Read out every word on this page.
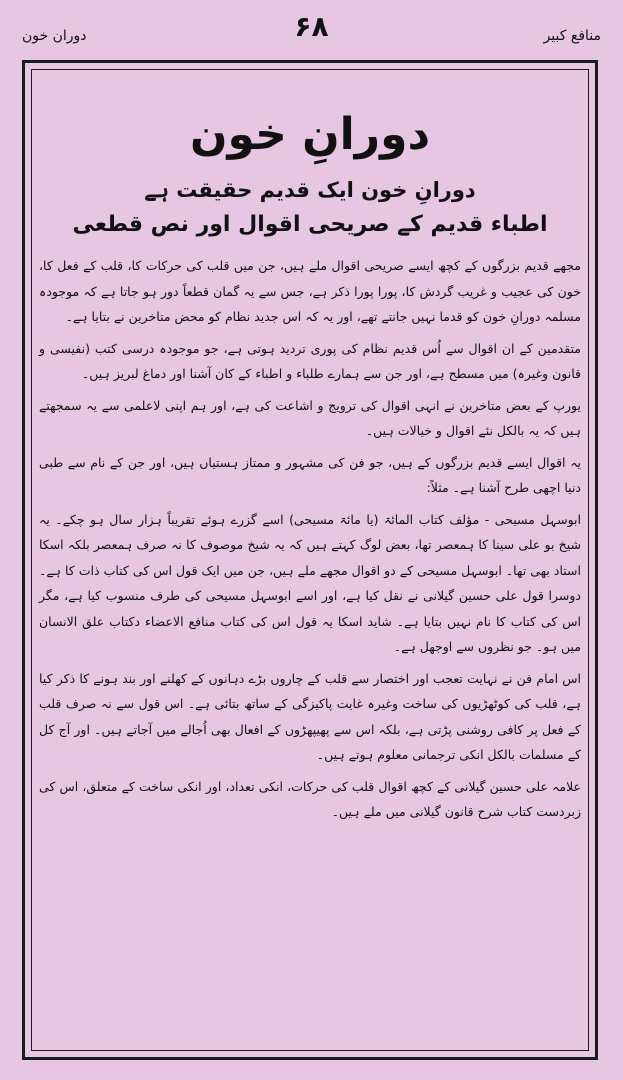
منافع کبیر
۶۸
دوران خون
دورانِ خون
دورانِ خون ایک قدیم حقیقت ہے
اطباء قدیم کے صریحی اقوال اور نص قطعی

مجھے قدیم بزرگوں کے کچھ ایسے صریحی اقوال ملے ہیں، جن میں قلب کی حرکات کا، قلب کے فعل کا، خون کی عجیب و غریب گردش کا، پورا پورا ذکر ہے، جس سے یہ گمان قطعاً دور ہو جاتا ہے کہ موجودہ مسلمہ دورانِ خون کو قدما نہیں جانتے تھے، اور یہ کہ اس جدید نظام کو محض متاخرین نے بتایا ہے۔

متقدمین کے ان اقوال سے اُس قدیم نظام کی پوری تردید ہوتی ہے، جو موجودہ درسی کتب (نفیسی و قانون وغیرہ) میں مسطح ہے، اور جن سے ہمارے طلباء و اطباء کے کان آشنا اور دماغ لبریز ہیں۔

یورپ کے بعض متاخرین نے انہی اقوال کی ترویج و اشاعت کی ہے، اور ہم اپنی لاعلمی سے یہ سمجھتے ہیں کہ یہ بالکل نئے اقوال و خیالات ہیں۔

یہ اقوال ایسے قدیم بزرگوں کے ہیں، جو فن کی مشہور و ممتاز ہستیاں ہیں، اور جن کے نام سے طبی دنیا اچھی طرح آشنا ہے۔ مثلاً:

ابوسہل مسیحی - مؤلف کتاب المائۃ (یا مائۃ مسیحی) اسے گزرے ہوئے تقریباً ہزار سال ہو چکے۔ یہ شیخ بو علی سینا کا ہمعصر تھا، بعض لوگ کہتے ہیں کہ یہ شیخ موصوف کا نہ صرف ہمعصر بلکہ اسکا استاد بھی تھا۔ ابوسہل مسیحی کے دو اقوال مجھے ملے ہیں، جن میں ایک قول اس کی کتاب ذات کا ہے۔ دوسرا قول علی حسین گیلانی نے نقل کیا ہے، اور اسے ابوسہل مسیحی کی طرف منسوب کیا ہے، مگر اس کی کتاب کا نام نہیں بتایا ہے۔ شاید اسکا یہ قول اس کی کتاب منافع الاعضاء دکتاب علق الانسان میں ہو۔ جو نظروں سے اوجھل ہے۔

اس امام فن نے نہایت تعجب اور اختصار سے قلب کے چاروں بڑے دہانوں کے کھلنے اور بند ہونے کا ذکر کیا ہے، قلب کی کوٹھڑیوں کی ساخت وغیرہ غایت پاکیزگی کے ساتھ بتائی ہے۔ اس قول سے نہ صرف قلب کے فعل پر کافی روشنی پڑتی ہے، بلکہ اس سے پھیپھڑوں کے افعال بھی اُجالے میں آجاتے ہیں۔ اور آج کل کے مسلمات بالکل انکی ترجمانی معلوم ہوتے ہیں۔

علامہ علی حسین گیلانی کے کچھ اقوال قلب کی حرکات، انکی تعداد، اور انکی ساخت کے متعلق، اس کی زبردست کتاب شرح قانون گیلانی میں ملے ہیں۔
